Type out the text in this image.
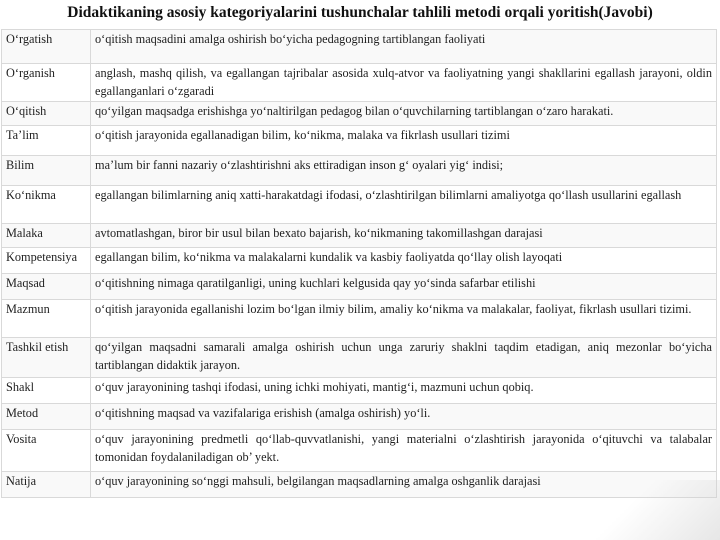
Didaktikaning asosiy kategoriyalarini tushunchalar tahlili metodi orqali yoritish(Javobi)
O‘rgatish	o‘qitish maqsadini amalga oshirish bo‘yicha pedagogning tartiblangan faoliyati
O‘rganish	anglash, mashq qilish, va egallangan tajribalar asosida xulq-atvor va faoliyatning yangi shakllarini egallash jarayoni, oldin egallanganlari o‘zgaradi
O‘qitish	qo‘yilgan maqsadga erishishga yo‘naltirilgan pedagog bilan o‘quvchilarning tartiblangan o‘zaro harakati.
Ta’lim	o‘qitish jarayonida egallanadigan bilim, ko‘nikma, malaka va fikrlash usullari tizimi
Bilim	ma’lum bir fanni nazariy o‘zlashtirishni aks ettiradigan inson g‘ oyalari yig‘ indisi;
Ko‘nikma	egallangan bilimlarning aniq xatti-harakatdagi ifodasi, o‘zlashtirilgan bilimlarni amaliyotga qo‘llash usullarini egallash
Malaka	avtomatlashgan, biror bir usul bilan bexato bajarish, ko‘nikmaning takomillashgan darajasi
Kompetensiya	egallangan bilim, ko‘nikma va malakalarni kundalik va kasbiy faoliyatda qo‘llay olish layoqati
Maqsad	o‘qitishning nimaga qaratilganligi, uning kuchlari kelgusida qay yo‘sinda safarbar etilishi
Mazmun	o‘qitish jarayonida egallanishi lozim bo‘lgan ilmiy bilim, amaliy ko‘nikma va malakalar, faoliyat, fikrlash usullari tizimi.
Tashkil etish	qo‘yilgan maqsadni samarali amalga oshirish uchun unga zaruriy shaklni taqdim etadigan, aniq mezonlar bo‘yicha tartiblangan didaktik jarayon.
Shakl	o‘quv jarayonining tashqi ifodasi, uning ichki mohiyati, mantig‘i, mazmuni uchun qobiq.
Metod	o‘qitishning maqsad va vazifalariga erishish (amalga oshirish) yo‘li.
Vosita	o‘quv jarayonining predmetli qo‘llab-quvvatlanishi, yangi materialni o‘zlashtirish jarayonida o‘qituvchi va talabalar tomonidan foydalaniladigan ob’ yekt.
Natija	o‘quv jarayonining so‘nggi mahsuli, belgilangan maqsadlarning amalga oshganlik darajasi
